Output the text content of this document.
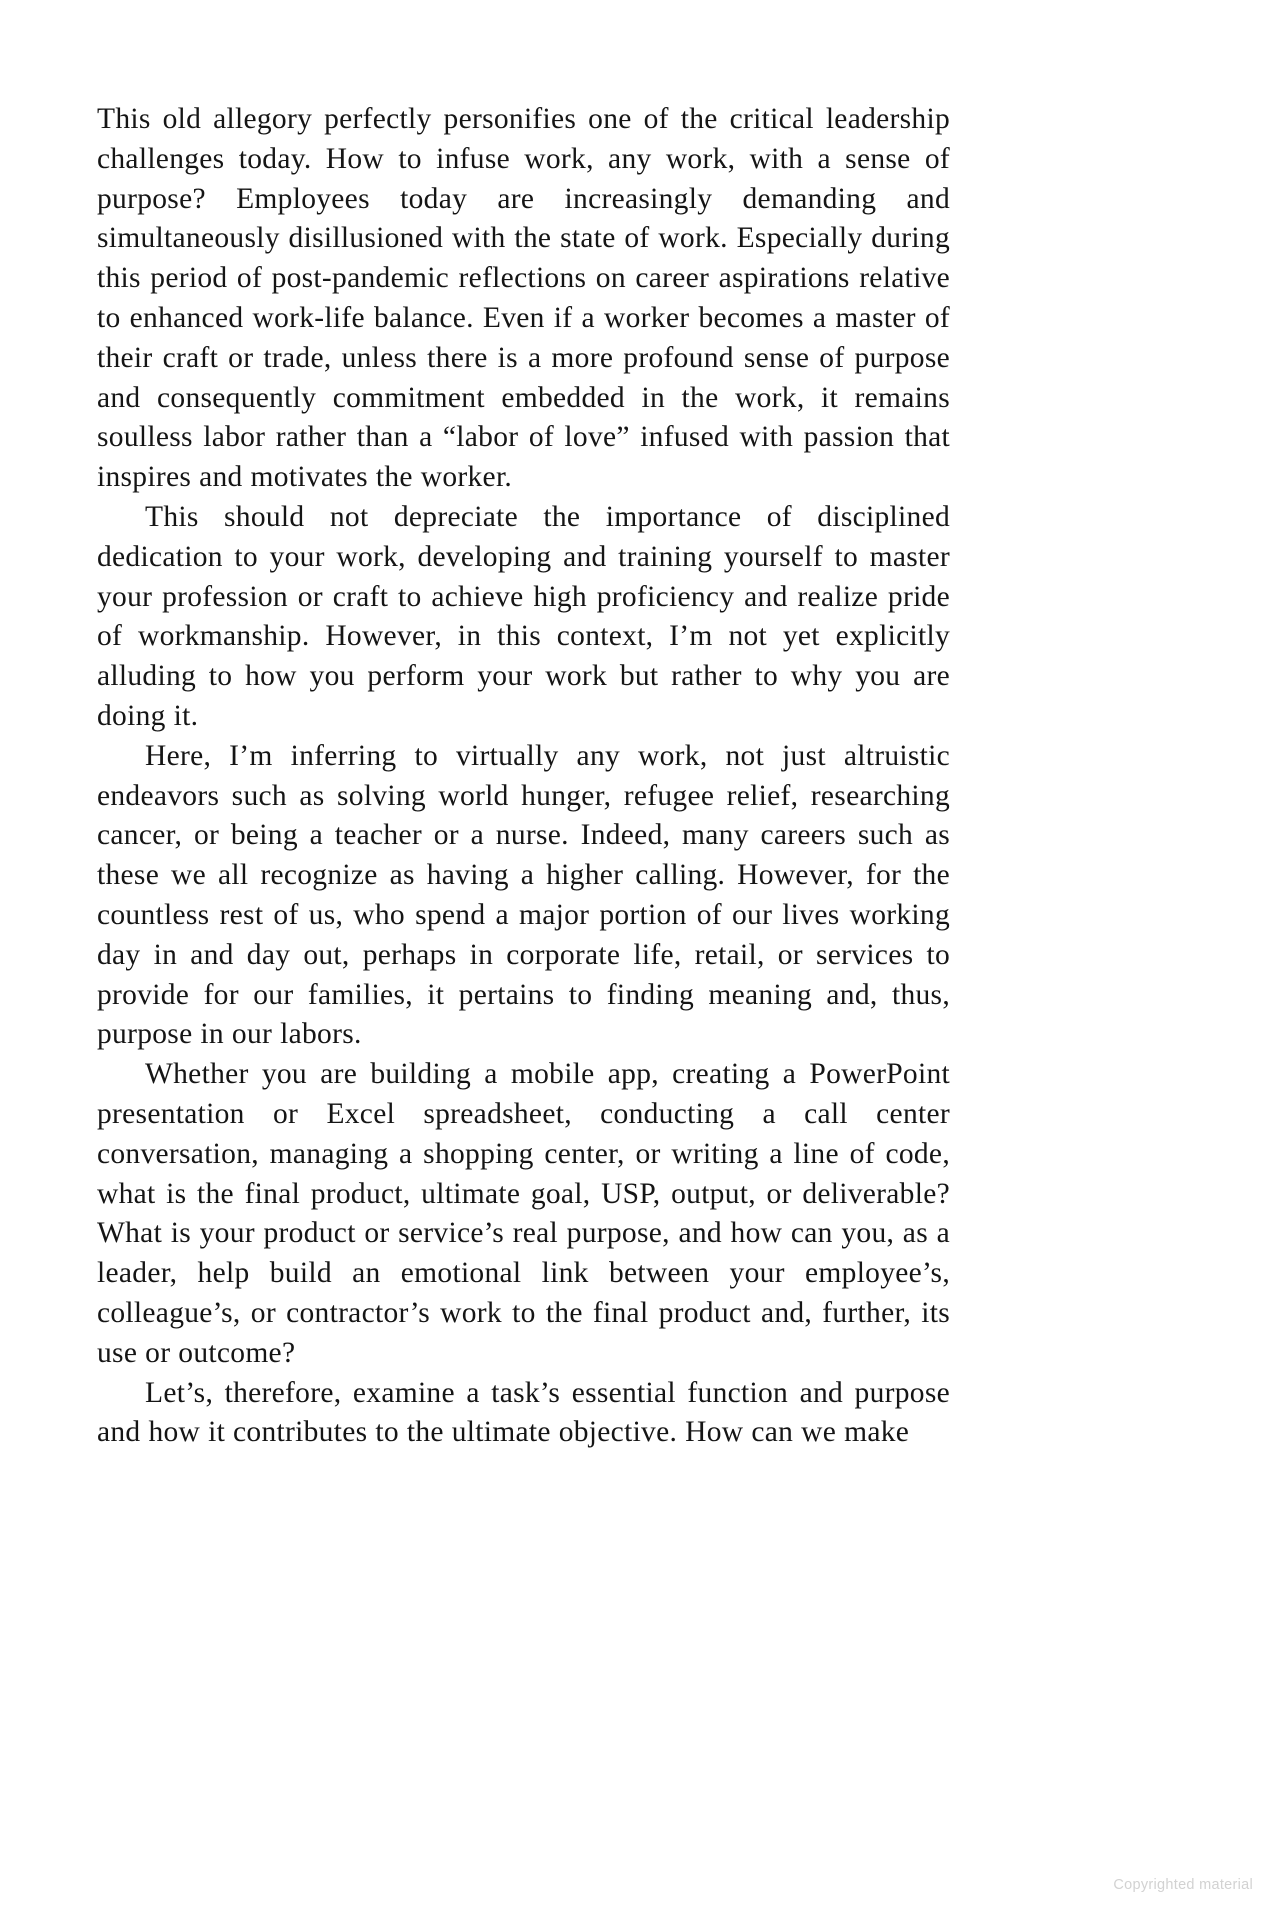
This old allegory perfectly personifies one of the critical leadership challenges today. How to infuse work, any work, with a sense of purpose? Employees today are increasingly demanding and simultaneously disillusioned with the state of work. Especially during this period of post-pandemic reflections on career aspirations relative to enhanced work-life balance. Even if a worker becomes a master of their craft or trade, unless there is a more profound sense of purpose and consequently commitment embedded in the work, it remains soulless labor rather than a “labor of love” infused with passion that inspires and motivates the worker.

This should not depreciate the importance of disciplined dedication to your work, developing and training yourself to master your profession or craft to achieve high proficiency and realize pride of workmanship. However, in this context, I’m not yet explicitly alluding to how you perform your work but rather to why you are doing it.

Here, I’m inferring to virtually any work, not just altruistic endeavors such as solving world hunger, refugee relief, researching cancer, or being a teacher or a nurse. Indeed, many careers such as these we all recognize as having a higher calling. However, for the countless rest of us, who spend a major portion of our lives working day in and day out, perhaps in corporate life, retail, or services to provide for our families, it pertains to finding meaning and, thus, purpose in our labors.

Whether you are building a mobile app, creating a PowerPoint presentation or Excel spreadsheet, conducting a call center conversation, managing a shopping center, or writing a line of code, what is the final product, ultimate goal, USP, output, or deliverable? What is your product or service’s real purpose, and how can you, as a leader, help build an emotional link between your employee’s, colleague’s, or contractor’s work to the final product and, further, its use or outcome?

Let’s, therefore, examine a task’s essential function and purpose and how it contributes to the ultimate objective. How can we make

Copyrighted material
